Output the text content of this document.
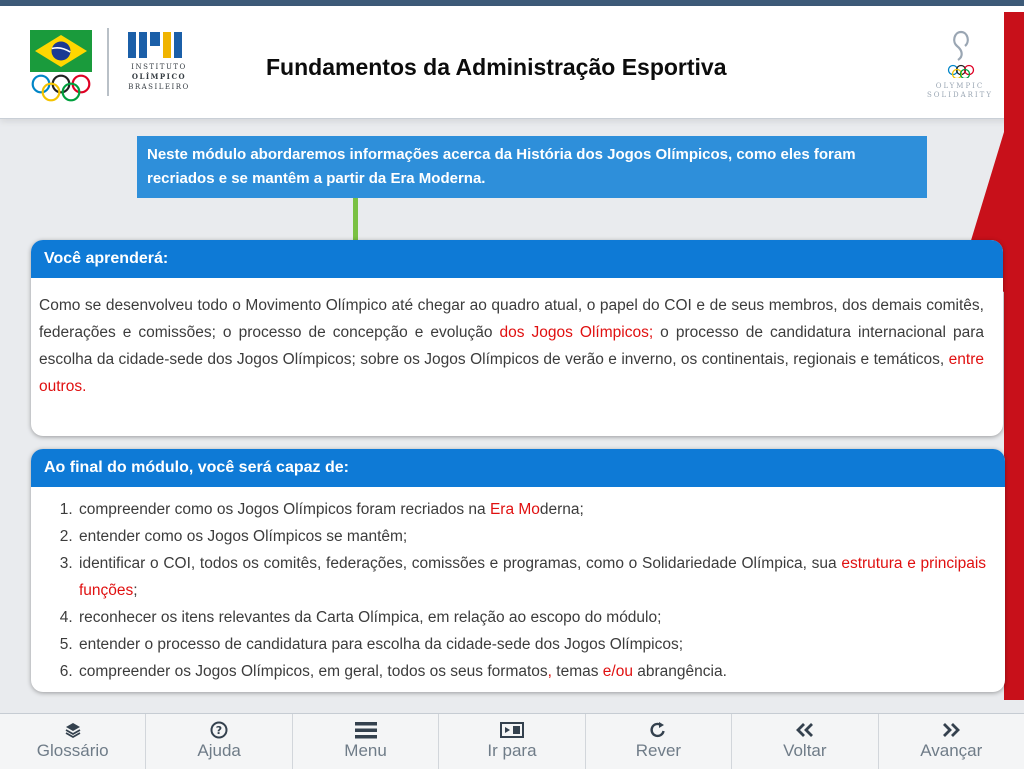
INSTITUTO
OLÍMPICO
BRASILEIRO
Fundamentos da Administração Esportiva
OLYMPIC
SOLIDARITY
Neste módulo abordaremos informações acerca da História dos Jogos Olímpicos, como eles foram recriados e se mantêm a partir da Era Moderna.
Você aprenderá:
Como se desenvolveu todo o Movimento Olímpico até chegar ao quadro atual, o papel do COI e de seus membros, dos demais comitês, federações e comissões; o processo de concepção e evolução dos Jogos Olímpicos; o processo de candidatura internacional para escolha da cidade-sede dos Jogos Olímpicos; sobre os Jogos Olímpicos de verão e inverno, os continentais, regionais e temáticos, entre outros.
Ao final do módulo, você será capaz de:
1. compreender como os Jogos Olímpicos foram recriados na Era Moderna;
2. entender como os Jogos Olímpicos se mantêm;
3. identificar o COI, todos os comitês, federações, comissões e programas, como o Solidariedade Olímpica, sua estrutura e principais funções;
4. reconhecer os itens relevantes da Carta Olímpica, em relação ao escopo do módulo;
5. entender o processo de candidatura para escolha da cidade-sede dos Jogos Olímpicos;
6. compreender os Jogos Olímpicos, em geral, todos os seus formatos, temas e/ou abrangência.
Glossário
?
Ajuda	Menu	Ir para	Rever	Voltar	Avançar
